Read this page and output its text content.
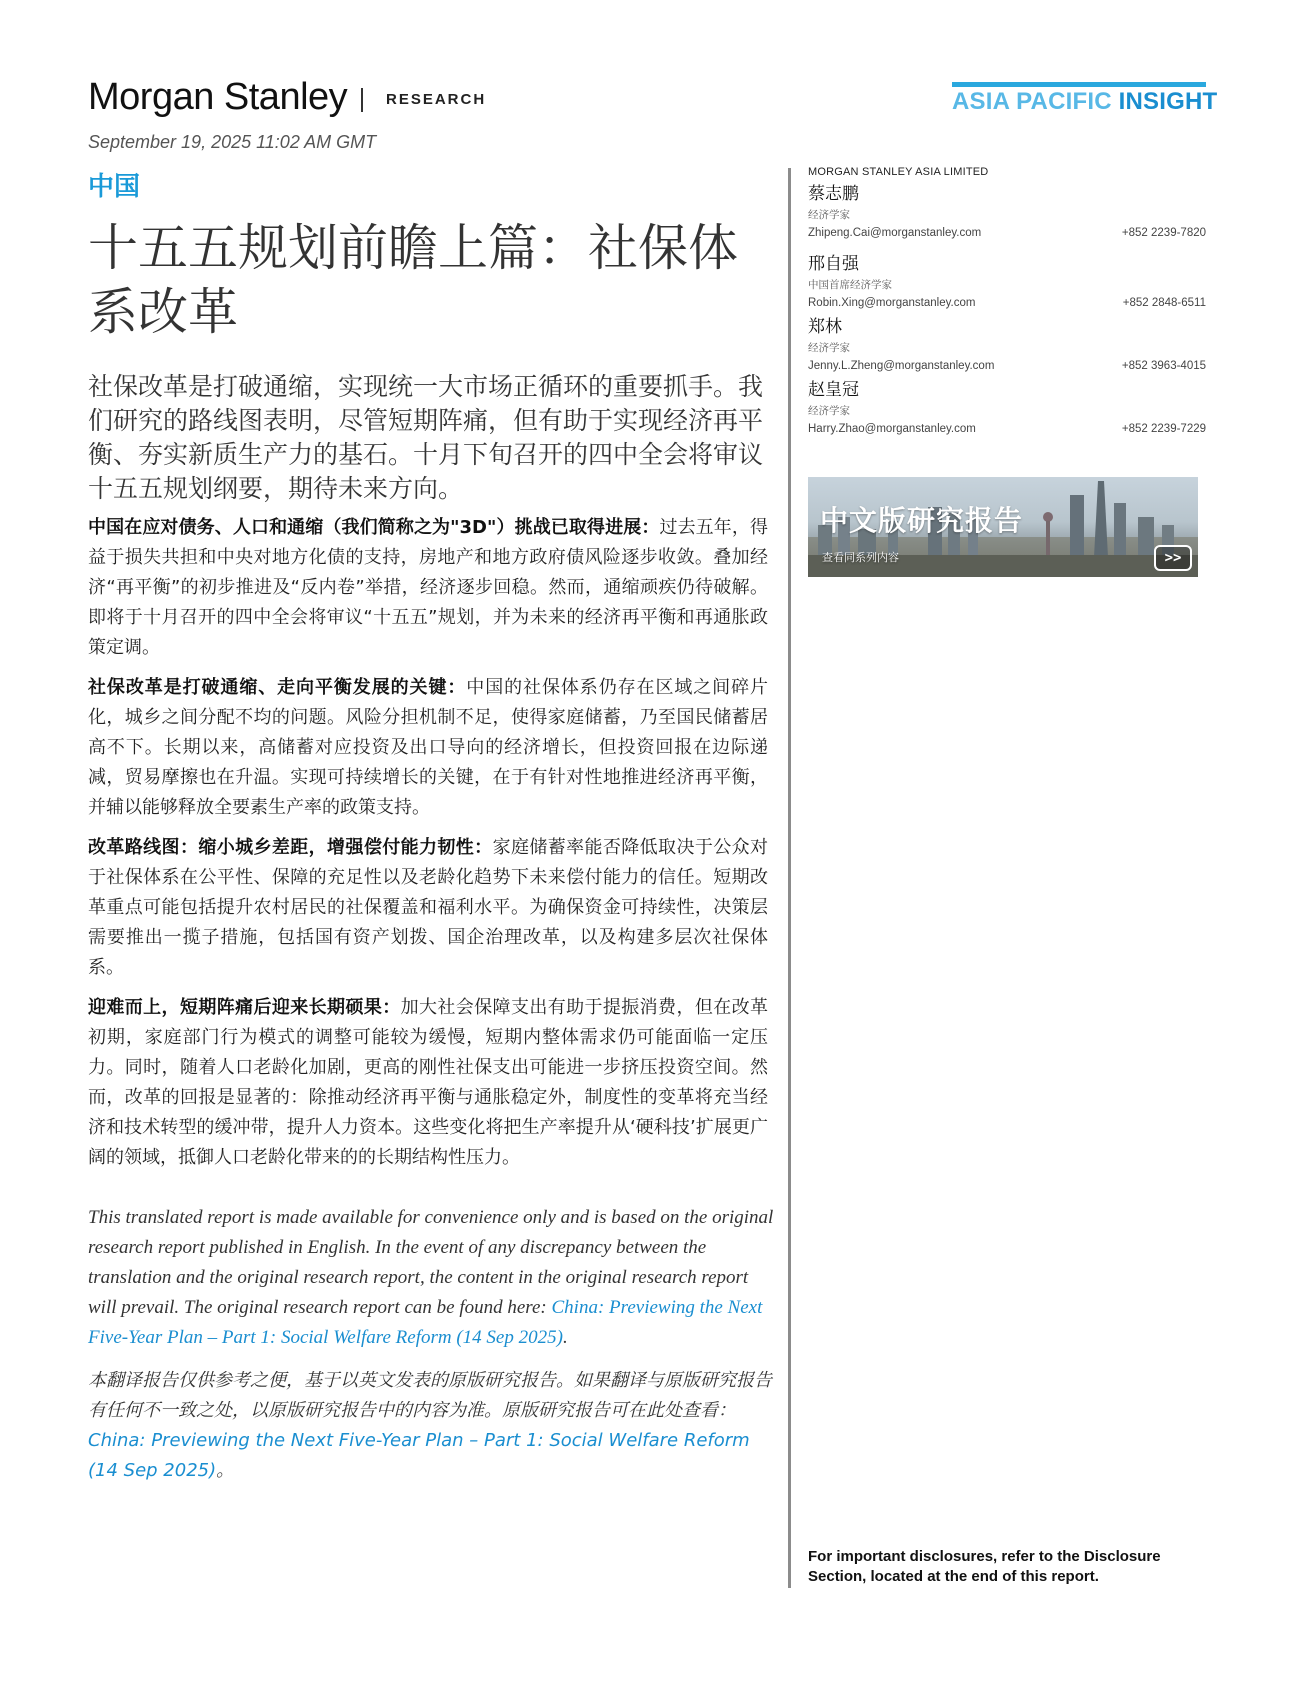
Morgan Stanley	RESEARCH	ASIA PACIFIC INSIGHT
September 19, 2025 11:02 AM GMT
中国
十五五规划前瞻上篇：社保体系改革

社保改革是打破通缩，实现统一大市场正循环的重要抓手。我们研究的路线图表明，尽管短期阵痛，但有助于实现经济再平衡、夯实新质生产力的基石。十月下旬召开的四中全会将审议十五五规划纲要，期待未来方向。

中国在应对债务、人口和通缩（我们简称之为"3D"）挑战已取得进展：过去五年，得益于损失共担和中央对地方化债的支持，房地产和地方政府债风险逐步收敛。叠加经济“再平衡”的初步推进及“反内卷”举措，经济逐步回稳。然而，通缩顽疾仍待破解。即将于十月召开的四中全会将审议“十五五”规划，并为未来的经济再平衡和再通胀政策定调。

社保改革是打破通缩、走向平衡发展的关键：中国的社保体系仍存在区域之间碎片化，城乡之间分配不均的问题。风险分担机制不足，使得家庭储蓄，乃至国民储蓄居高不下。长期以来，高储蓄对应投资及出口导向的经济增长，但投资回报在边际递减，贸易摩擦也在升温。实现可持续增长的关键，在于有针对性地推进经济再平衡，并辅以能够释放全要素生产率的政策支持。

改革路线图：缩小城乡差距，增强偿付能力韧性：家庭储蓄率能否降低取决于公众对于社保体系在公平性、保障的充足性以及老龄化趋势下未来偿付能力的信任。短期改革重点可能包括提升农村居民的社保覆盖和福利水平。为确保资金可持续性，决策层需要推出一揽子措施，包括国有资产划拨、国企治理改革，以及构建多层次社保体系。

迎难而上，短期阵痛后迎来长期硕果：加大社会保障支出有助于提振消费，但在改革初期，家庭部门行为模式的调整可能较为缓慢，短期内整体需求仍可能面临一定压力。同时，随着人口老龄化加剧，更高的刚性社保支出可能进一步挤压投资空间。然而，改革的回报是显著的：除推动经济再平衡与通胀稳定外，制度性的变革将充当经济和技术转型的缓冲带，提升人力资本。这些变化将把生产率提升从‘硬科技’扩展更广阔的领域，抵御人口老龄化带来的的长期结构性压力。

This translated report is made available for convenience only and is based on the original research report published in English. In the event of any discrepancy between the translation and the original research report, the content in the original research report will prevail. The original research report can be found here: China: Previewing the Next Five-Year Plan – Part 1: Social Welfare Reform (14 Sep 2025).

本翻译报告仅供参考之便，基于以英文发表的原版研究报告。如果翻译与原版研究报告有任何不一致之处，以原版研究报告中的内容为准。原版研究报告可在此处查看：China: Previewing the Next Five-Year Plan – Part 1: Social Welfare Reform (14 Sep 2025)。

MORGAN STANLEY ASIA LIMITED
蔡志鹏
经济学家
Zhipeng.Cai@morganstanley.com	+852 2239-7820
邢自强
中国首席经济学家
Robin.Xing@morganstanley.com	+852 2848-6511
郑林
经济学家
Jenny.L.Zheng@morganstanley.com	+852 3963-4015
赵皇冠
经济学家
Harry.Zhao@morganstanley.com	+852 2239-7229
中文版研究报告
查看同系列内容	>>
For important disclosures, refer to the Disclosure Section, located at the end of this report.
